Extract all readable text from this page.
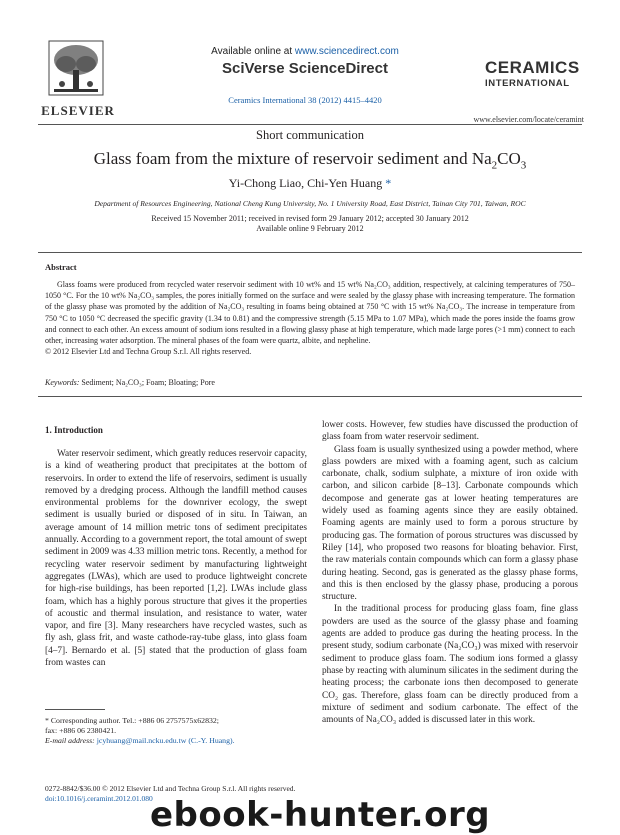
ELSEVIER
Available online at www.sciencedirect.com
SciVerse ScienceDirect
Ceramics International 38 (2012) 4415–4420
CERAMICS
INTERNATIONAL
www.elsevier.com/locate/ceramint
Short communication
Glass foam from the mixture of reservoir sediment and $Na_2CO_3$
Yi-Chong Liao, Chi-Yen Huang *
Department of Resources Engineering, National Cheng Kung University, No. 1 University Road, East District, Tainan City 701, Taiwan, ROC
Received 15 November 2011; received in revised form 29 January 2012; accepted 30 January 2012
Available online 9 February 2012
Abstract
Glass foams were produced from recycled water reservoir sediment with 10 wt% and 15 wt% Na₂CO₃ addition, respectively, at calcining temperatures of 750–1050 °C. For the 10 wt% Na₂CO₃ samples, the pores initially formed on the surface and were sealed by the glassy phase with increasing temperature. The formation of the glassy phase was promoted by the addition of Na₂CO₃ resulting in foams being obtained at 750 °C with 15 wt% Na₂CO₃. The increase in temperature from 750 °C to 1050 °C decreased the specific gravity (1.34 to 0.81) and the compressive strength (5.15 MPa to 1.07 MPa), which made the pores inside the foams grow and connect to each other. An excess amount of sodium ions resulted in a flowing glassy phase at high temperature, which made large pores (>1 mm) connect to each other, increasing water adsorption. The mineral phases of the foam were quartz, albite, and nepheline.
© 2012 Elsevier Ltd and Techna Group S.r.l. All rights reserved.
Keywords: Sediment; Na₂CO₃; Foam; Bloating; Pore
1. Introduction

Water reservoir sediment, which greatly reduces reservoir capacity, is a kind of weathering product that precipitates at the bottom of reservoirs. In order to extend the life of reservoirs, sediment is usually removed by a dredging process. Although the landfill method causes environmental problems for the downriver ecology, the swept sediment is usually buried or disposed of in situ. In Taiwan, an average amount of 14 million metric tons of sediment precipitates annually. According to a government report, the total amount of swept sediment in 2009 was 4.33 million metric tons. Recently, a method for recycling water reservoir sediment by manufacturing lightweight aggregates (LWAs), which are used to produce lightweight concrete for high-rise buildings, has been reported [1,2]. LWAs include glass foam, which has a highly porous structure that gives it the properties of acoustic and thermal insulation, and resistance to water, water vapor, and fire [3]. Many researchers have recycled wastes, such as fly ash, glass frit, and waste cathode-ray-tube glass, into glass foam [4–7]. Bernardo et al. [5] stated that the production of glass foam from wastes can

lower costs. However, few studies have discussed the production of glass foam from water reservoir sediment.

Glass foam is usually synthesized using a powder method, where glass powders are mixed with a foaming agent, such as calcium carbonate, chalk, sodium sulphate, a mixture of iron oxide with carbon, and silicon carbide [8–13]. Carbonate compounds which decompose and generate gas at lower heating temperatures are widely used as foaming agents since they are easily obtained. Foaming agents are mainly used to form a porous structure by producing gas. The formation of porous structures was discussed by Riley [14], who proposed two reasons for bloating behavior. First, the raw materials contain compounds which can form a glassy phase during heating. Second, gas is generated as the glassy phase forms, and this is then enclosed by the glassy phase, producing a porous structure.

In the traditional process for producing glass foam, fine glass powders are used as the source of the glassy phase and foaming agents are added to produce gas during the heating process. In the present study, sodium carbonate (Na₂CO₃) was mixed with reservoir sediment to produce glass foam. The sodium ions formed a glassy phase by reacting with aluminum silicates in the sediment during the heating process; the carbonate ions then decomposed to generate CO₂ gas. Therefore, glass foam can be directly produced from a mixture of sediment and sodium carbonate. The effect of the amounts of Na₂CO₃ added is discussed later in this work.

* Corresponding author. Tel.: +886 06 2757575x62832;
fax: +886 06 2380421.
E-mail address: jcyhuang@mail.ncku.edu.tw (C.-Y. Huang).
0272-8842/$36.00 © 2012 Elsevier Ltd and Techna Group S.r.l. All rights reserved.
doi:10.1016/j.ceramint.2012.01.080
ebook-hunter.org
